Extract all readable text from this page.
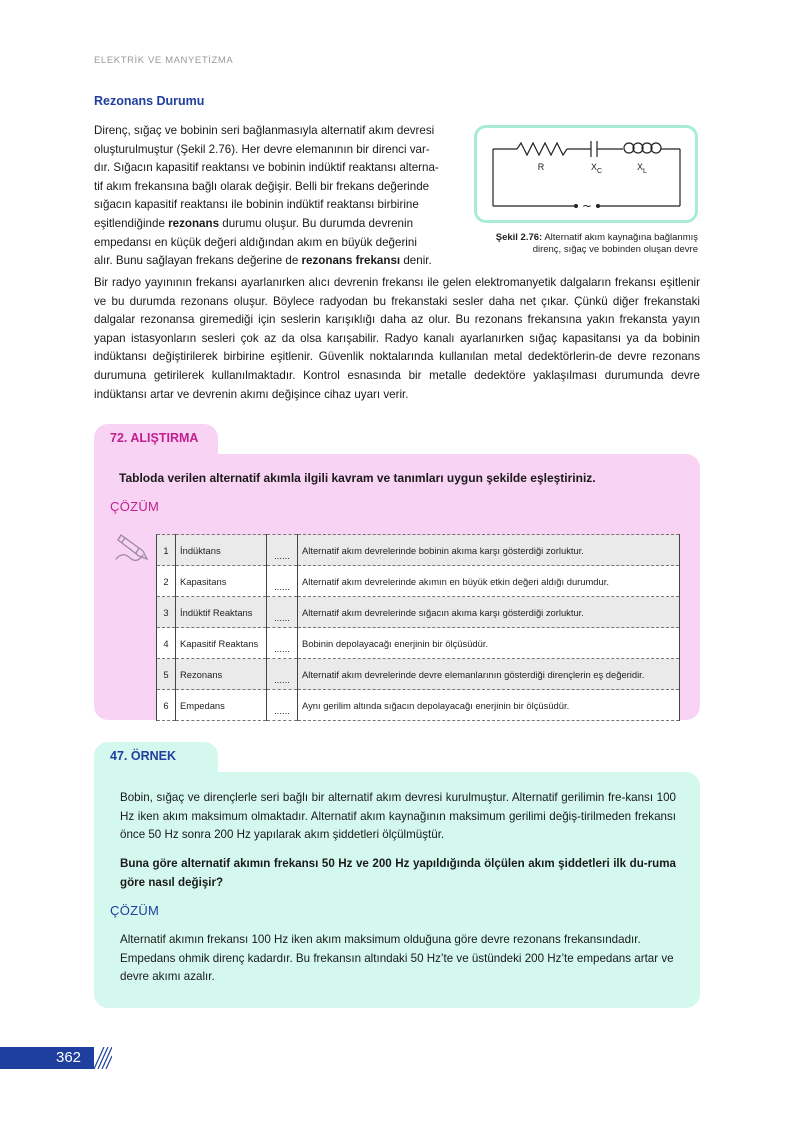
ELEKTRİK VE MANYETİZMA
Rezonans Durumu
Direnç, sığaç ve bobinin seri bağlanmasıyla alternatif akım devresi
oluşturulmuştur (Şekil 2.76). Her devre elemanının bir direnci var-
dır. Sığacın kapasitif reaktansı ve bobinin indüktif reaktansı alterna-
tif akım frekansına bağlı olarak değişir. Belli bir frekans değerinde
sığacın kapasitif reaktansı ile bobinin indüktif reaktansı birbirine
eşitlendiğinde rezonans durumu oluşur. Bu durumda devrenin
empedansı en küçük değeri aldığından akım en büyük değerini
alır. Bunu sağlayan frekans değerine de rezonans frekansı denir.

Bir radyo yayınının frekansı ayarlanırken alıcı devrenin frekansı ile gelen elektromanyetik dalgaların frekansı eşitlenir ve bu durumda rezonans oluşur. Böylece radyodan bu frekanstaki sesler daha net çıkar. Çünkü diğer frekanstaki dalgalar rezonansa giremediği için seslerin karışıklığı daha az olur. Bu rezonans frekansına yakın frekansta yayın yapan istasyonların sesleri çok az da olsa karışabilir. Radyo kanalı ayarlanırken sığaç kapasitansı ya da bobinin indüktansı değiştirilerek birbirine eşitlenir. Güvenlik noktalarında kullanılan metal dedektörlerin-de devre rezonans durumuna getirilerek kullanılmaktadır. Kontrol esnasında bir metalle dedektöre yaklaşılması durumunda devre indüktansı artar ve devrenin akımı değişince cihaz uyarı verir.

~
R	$X_C$	$X_L$
Şekil 2.76: Alternatif akım kaynağına bağlanmış
direnç, sığaç ve bobinden oluşan devre
72. ALIŞTIRMA
Tabloda verilen alternatif akımla ilgili kavram ve tanımları uygun şekilde eşleştiriniz.
ÇÖZÜM
1	İndüktans	......	Alternatif akım devrelerinde bobinin akıma karşı gösterdiği zorluktur.
2	Kapasitans	......	Alternatif akım devrelerinde akımın en büyük etkin değeri aldığı durumdur.
3	İndüktif Reaktans	......	Alternatif akım devrelerinde sığacın akıma karşı gösterdiği zorluktur.
4	Kapasitif Reaktans	......	Bobinin depolayacağı enerjinin bir ölçüsüdür.
5	Rezonans	......	Alternatif akım devrelerinde devre elemanlarının gösterdiği dirençlerin eş değeridir.
6	Empedans	......	Aynı gerilim altında sığacın depolayacağı enerjinin bir ölçüsüdür.
47. ÖRNEK

Bobin, sığaç ve dirençlerle seri bağlı bir alternatif akım devresi kurulmuştur. Alternatif gerilimin fre-kansı 100 Hz iken akım maksimum olmaktadır. Alternatif akım kaynağının maksimum gerilimi değiş-tirilmeden frekansı önce 50 Hz sonra 200 Hz yapılarak akım şiddetleri ölçülmüştür.

Buna göre alternatif akımın frekansı 50 Hz ve 200 Hz yapıldığında ölçülen akım şiddetleri ilk du-ruma göre nasıl değişir?

ÇÖZÜM

Alternatif akımın frekansı 100 Hz iken akım maksimum olduğuna göre devre rezonans frekansındadır. Empedans ohmik direnç kadardır. Bu frekansın altındaki 50 Hz’te ve üstündeki 200 Hz’te empedans artar ve devre akımı azalır.

362
